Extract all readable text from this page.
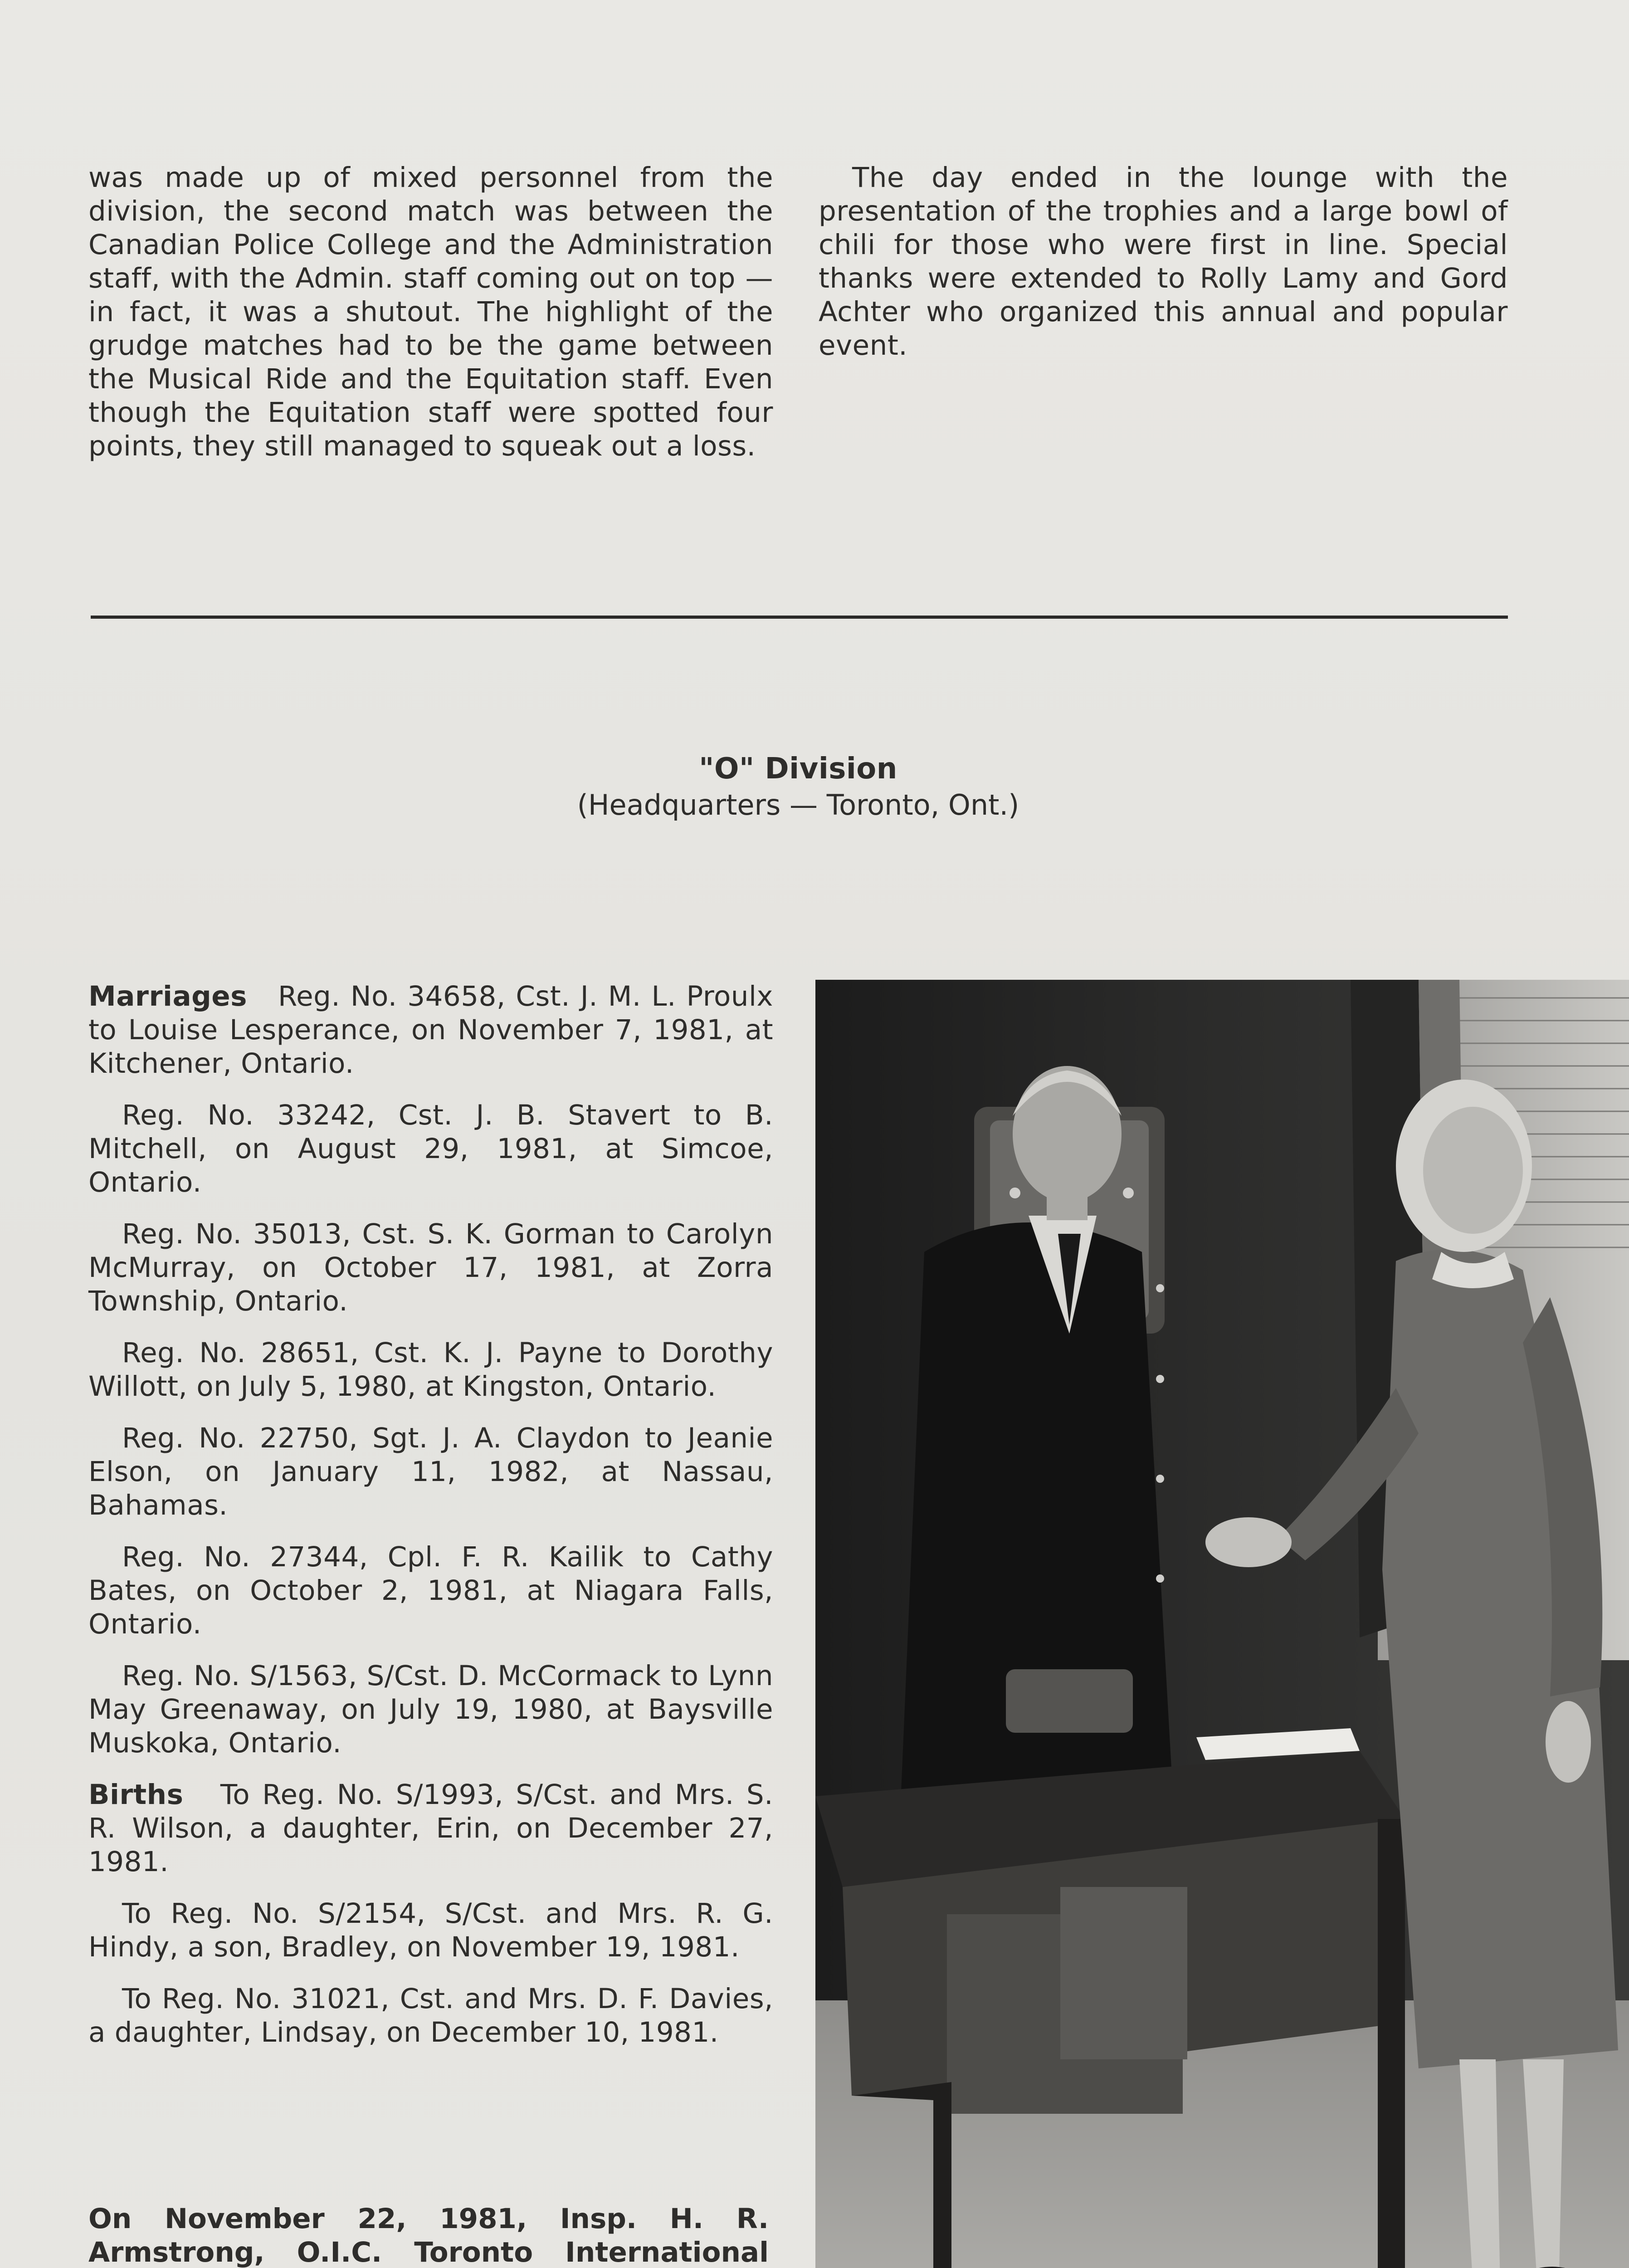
was made up of mixed personnel from the division, the second match was between the Canadian Police College and the Administration staff, with the Admin. staff coming out on top — in fact, it was a shutout. The highlight of the grudge matches had to be the game between the Musical Ride and the Equitation staff. Even though the Equitation staff were spotted four points, they still managed to squeak out a loss.

The day ended in the lounge with the presentation of the trophies and a large bowl of chili for those who were first in line. Special thanks were extended to Rolly Lamy and Gord Achter who organized this annual and popular event.

"O" Division
(Headquarters — Toronto, Ont.)

Marriages Reg. No. 34658, Cst. J. M. L. Proulx to Louise Lesperance, on November 7, 1981, at Kitchener, Ontario.

Reg. No. 33242, Cst. J. B. Stavert to B. Mitchell, on August 29, 1981, at Simcoe, Ontario.

Reg. No. 35013, Cst. S. K. Gorman to Carolyn McMurray, on October 17, 1981, at Zorra Township, Ontario.

Reg. No. 28651, Cst. K. J. Payne to Dorothy Willott, on July 5, 1980, at Kingston, Ontario.

Reg. No. 22750, Sgt. J. A. Claydon to Jeanie Elson, on January 11, 1982, at Nassau, Bahamas.

Reg. No. 27344, Cpl. F. R. Kailik to Cathy Bates, on October 2, 1981, at Niagara Falls, Ontario.

Reg. No. S/1563, S/Cst. D. McCormack to Lynn May Greenaway, on July 19, 1980, at Baysville Muskoka, Ontario.

Births To Reg. No. S/1993, S/Cst. and Mrs. S. R. Wilson, a daughter, Erin, on December 27, 1981.

To Reg. No. S/2154, S/Cst. and Mrs. R. G. Hindy, a son, Bradley, on November 19, 1981.

To Reg. No. 31021, Cst. and Mrs. D. F. Davies, a daughter, Lindsay, on December 10, 1981.

On November 22, 1981, Insp. H. R. Armstrong, O.I.C. Toronto International
